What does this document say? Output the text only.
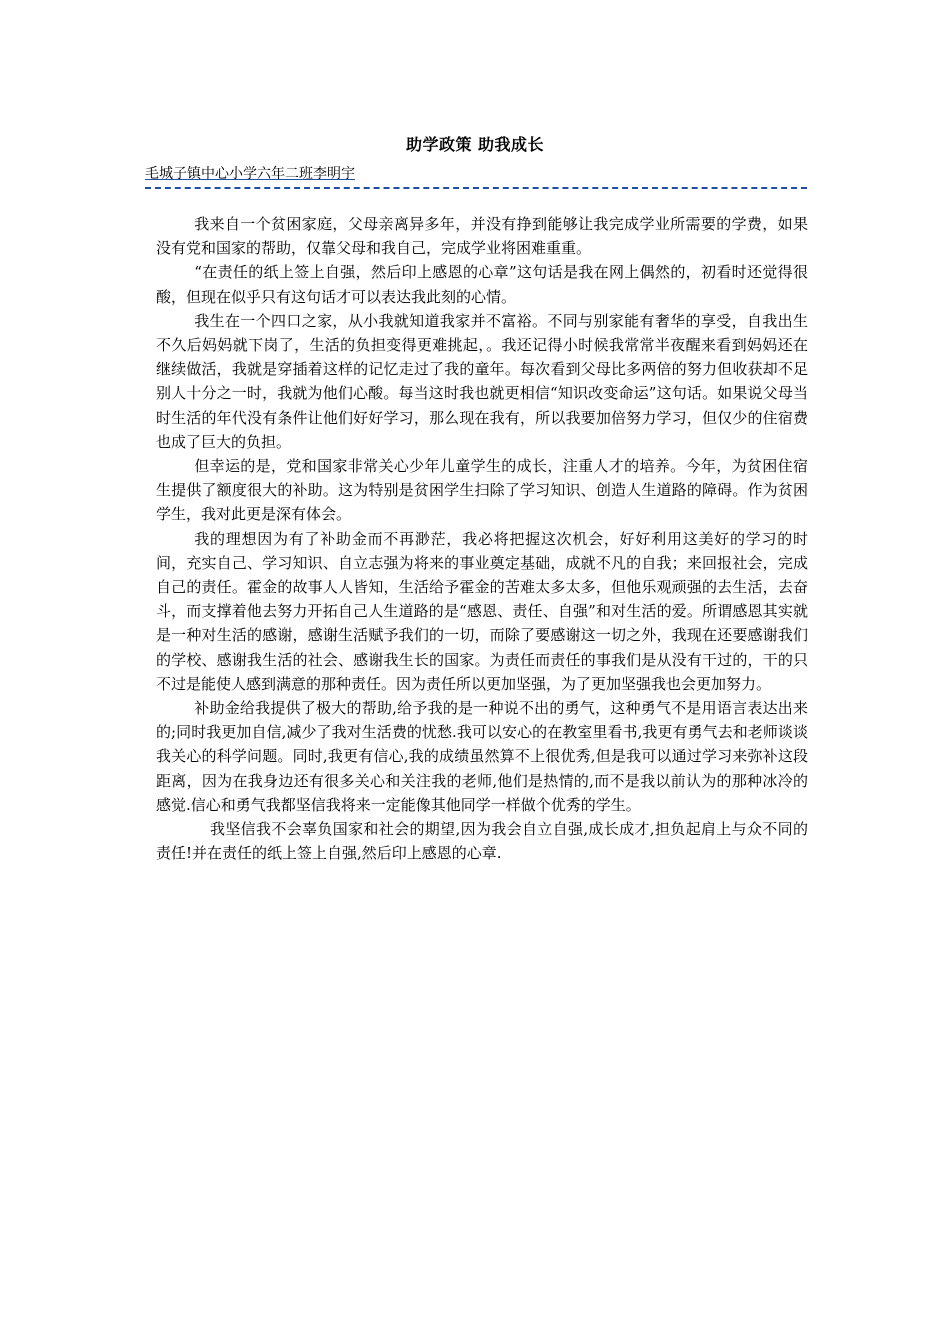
助学政策 助我成长
毛城子镇中心小学六年二班李明宇

我来自一个贫困家庭，父母亲离异多年，并没有挣到能够让我完成学业所需要的学费，如果没有党和国家的帮助，仅靠父母和我自己，完成学业将困难重重。

“在责任的纸上签上自强，然后印上感恩的心章”这句话是我在网上偶然的，初看时还觉得很酸，但现在似乎只有这句话才可以表达我此刻的心情。

我生在一个四口之家，从小我就知道我家并不富裕。不同与别家能有奢华的享受，自我出生不久后妈妈就下岗了，生活的负担变得更难挑起，。我还记得小时候我常常半夜醒来看到妈妈还在继续做活，我就是穿插着这样的记忆走过了我的童年。每次看到父母比多两倍的努力但收获却不足别人十分之一时，我就为他们心酸。每当这时我也就更相信“知识改变命运”这句话。如果说父母当时生活的年代没有条件让他们好好学习，那么现在我有，所以我要加倍努力学习，但仅少的住宿费也成了巨大的负担。

但幸运的是，党和国家非常关心少年儿童学生的成长，注重人才的培养。今年，为贫困住宿生提供了额度很大的补助。这为特别是贫困学生扫除了学习知识、创造人生道路的障碍。作为贫困学生，我对此更是深有体会。

我的理想因为有了补助金而不再渺茫，我必将把握这次机会，好好利用这美好的学习的时间，充实自己、学习知识、自立志强为将来的事业奠定基础，成就不凡的自我；来回报社会，完成自己的责任。霍金的故事人人皆知，生活给予霍金的苦难太多太多，但他乐观顽强的去生活，去奋斗，而支撑着他去努力开拓自己人生道路的是“感恩、责任、自强”和对生活的爱。所谓感恩其实就是一种对生活的感谢，感谢生活赋予我们的一切，而除了要感谢这一切之外，我现在还要感谢我们的学校、感谢我生活的社会、感谢我生长的国家。为责任而责任的事我们是从没有干过的，干的只不过是能使人感到满意的那种责任。因为责任所以更加坚强，为了更加坚强我也会更加努力。

补助金给我提供了极大的帮助,给予我的是一种说不出的勇气，这种勇气不是用语言表达出来的;同时我更加自信,减少了我对生活费的忧愁.我可以安心的在教室里看书,我更有勇气去和老师谈谈我关心的科学问题。同时,我更有信心,我的成绩虽然算不上很优秀,但是我可以通过学习来弥补这段距离，因为在我身边还有很多关心和关注我的老师,他们是热情的,而不是我以前认为的那种冰冷的感觉.信心和勇气我都坚信我将来一定能像其他同学一样做个优秀的学生。

我坚信我不会辜负国家和社会的期望,因为我会自立自强,成长成才,担负起肩上与众不同的责任!并在责任的纸上签上自强,然后印上感恩的心章.
